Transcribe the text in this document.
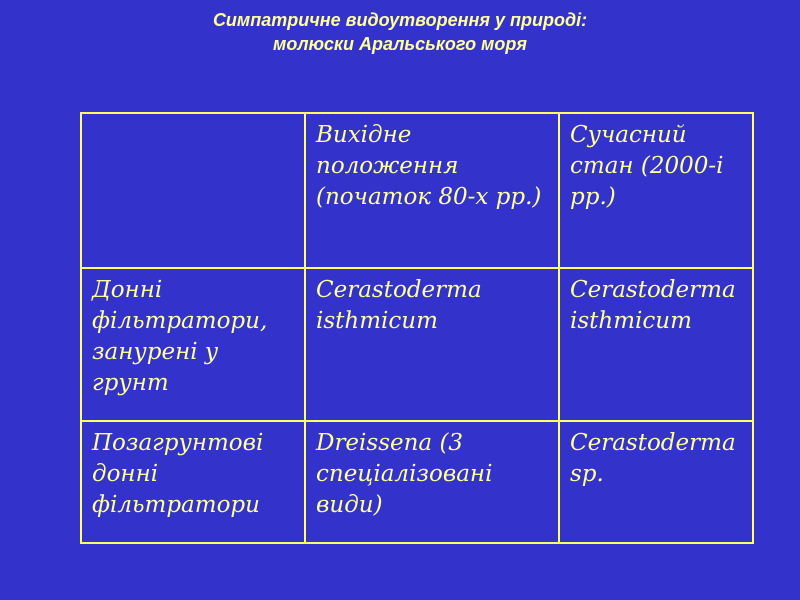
Симпатричне видоутворення у природі:
молюски Аральського моря
	Вихідне положення (початок 80-х рр.)	Сучасний стан (2000-і рр.)
Донні фільтратори, занурені у грунт	Cerastoderma isthmicum	Cerastoderma isthmicum
Позагрунтові донні фільтратори	Dreissena (3 спеціалізовані види)	Cerastoderma sp.
